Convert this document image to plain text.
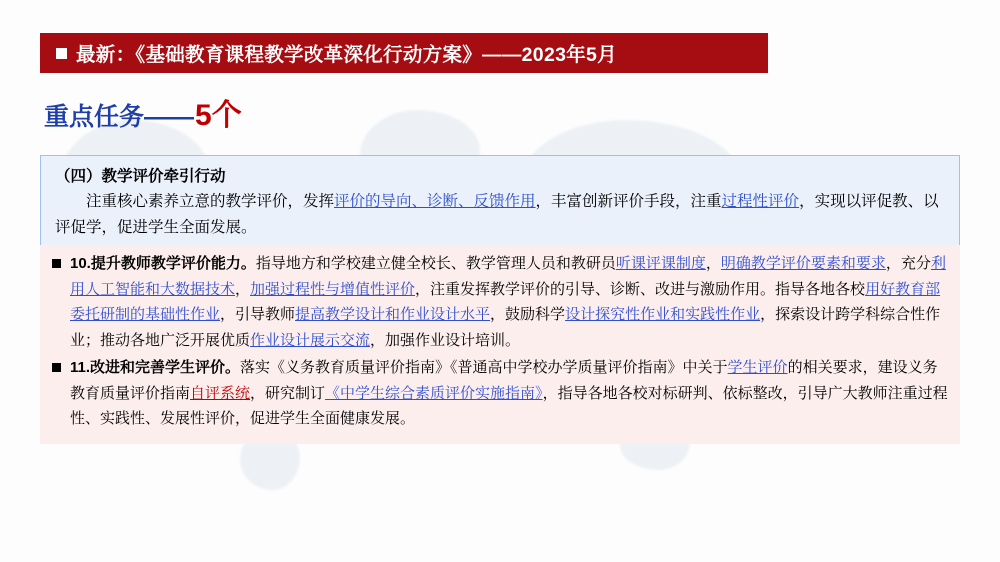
最新：《基础教育课程教学改革深化行动方案》——2023年5月
重点任务—— 5个
（四）教学评价牵引行动
注重核心素养立意的教学评价，发挥评价的导向、诊断、反馈作用，丰富创新评价手段，注重过程性评价，实现以评促教、以评促学，促进学生全面发展。
10.提升教师教学评价能力。指导地方和学校建立健全校长、教学管理人员和教研员听课评课制度，明确教学评价要素和要求，充分利用人工智能和大数据技术，加强过程性与增值性评价，注重发挥教学评价的引导、诊断、改进与激励作用。指导各地各校用好教育部委托研制的基础性作业，引导教师提高教学设计和作业设计水平，鼓励科学设计探究性作业和实践性作业，探索设计跨学科综合性作业；推动各地广泛开展优质作业设计展示交流，加强作业设计培训。
11.改进和完善学生评价。落实《义务教育质量评价指南》《普通高中学校办学质量评价指南》中关于学生评价的相关要求，建设义务教育质量评价指南自评系统，研究制订《中学生综合素质评价实施指南》，指导各地各校对标研判、依标整改，引导广大教师注重过程性、实践性、发展性评价，促进学生全面健康发展。
